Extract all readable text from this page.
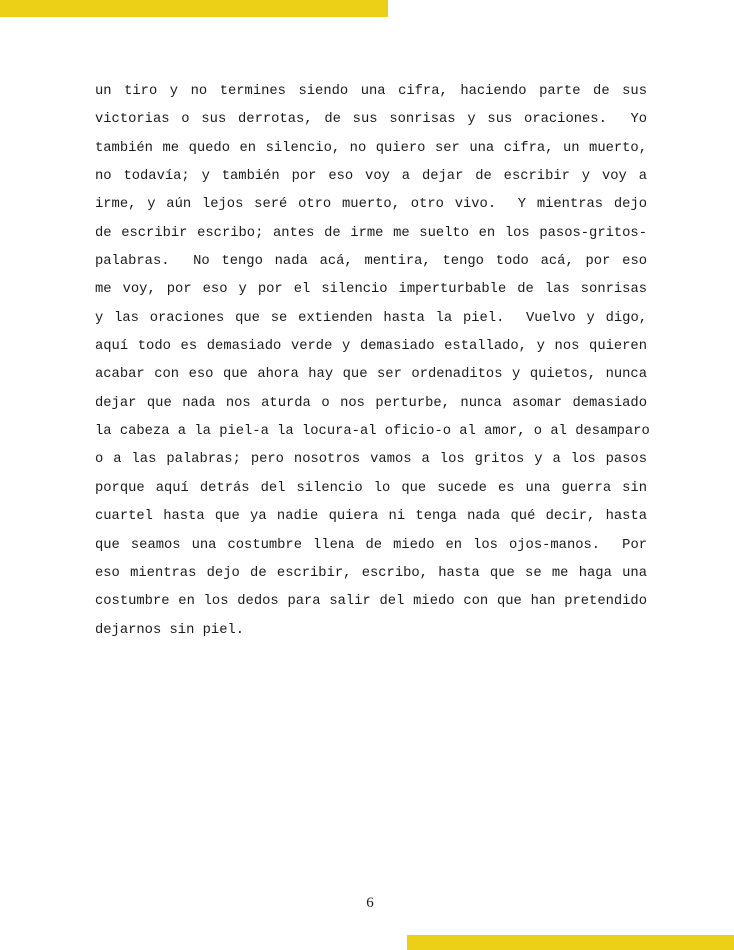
un tiro y no termines siendo una cifra, haciendo parte de sus
victorias o sus derrotas, de sus sonrisas y sus oraciones.  Yo
también me quedo en silencio, no quiero ser una cifra, un muerto,
no todavía; y también por eso voy a dejar de escribir y voy a
irme, y aún lejos seré otro muerto, otro vivo.  Y mientras dejo
de escribir escribo; antes de irme me suelto en los pasos-gritos-
palabras.  No tengo nada acá, mentira, tengo todo acá, por eso
me voy, por eso y por el silencio imperturbable de las sonrisas
y las oraciones que se extienden hasta la piel.  Vuelvo y digo,
aquí todo es demasiado verde y demasiado estallado, y nos quieren
acabar con eso que ahora hay que ser ordenaditos y quietos, nunca
dejar que nada nos aturda o nos perturbe, nunca asomar demasiado
la cabeza a la piel-a la locura-al oficio-o al amor, o al desamparo
o a las palabras; pero nosotros vamos a los gritos y a los pasos
porque aquí detrás del silencio lo que sucede es una guerra sin
cuartel hasta que ya nadie quiera ni tenga nada qué decir, hasta
que seamos una costumbre llena de miedo en los ojos-manos.  Por
eso mientras dejo de escribir, escribo, hasta que se me haga una
costumbre en los dedos para salir del miedo con que han pretendido
dejarnos sin piel.
6
